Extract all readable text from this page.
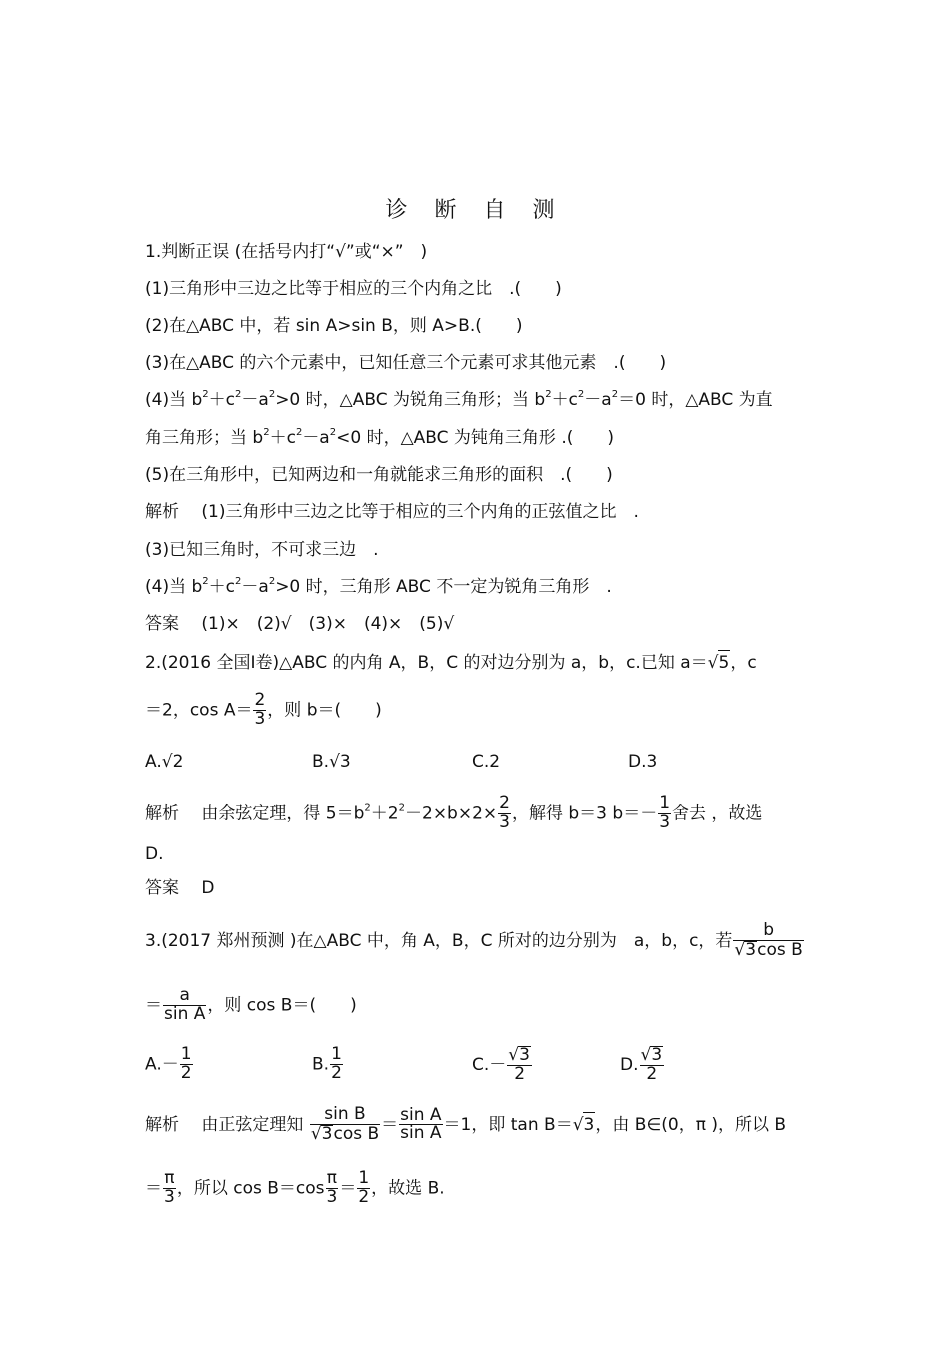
诊 断 自 测
1.判断正误 (在括号内打“√”或“×”　)
(1)三角形中三边之比等于相应的三个内角之比　.(　　)
(2)在△ABC 中，若 sin A>sin B，则 A>B.(　　)
(3)在△ABC 的六个元素中，已知任意三个元素可求其他元素　.(　　)
(4)当 $b^2+c^2-a^2>0$ 时，△ABC 为锐角三角形；当 $b^2+c^2-a^2=0$ 时，△ABC 为直
角三角形；当 $b^2+c^2-a^2<0$ 时，△ABC 为钝角三角形 .(　　)
(5)在三角形中，已知两边和一角就能求三角形的面积　.(　　)
解析　 (1)三角形中三边之比等于相应的三个内角的正弦值之比　.
(3)已知三角时，不可求三边　.
(4)当 $b^2+c^2-a^2>0$ 时，三角形 ABC 不一定为锐角三角形　.
答案　 (1)×　(2)√　(3)×　(4)×　(5)√
2.(2016 全国Ⅰ卷)△ABC 的内角 A，B，C 的对边分别为 a，b，c.已知 a＝√5，c
＝2，$\cos A= \frac{2}{3}$ ，则 b＝(　　)
A.√2	B.√3	C.2	D.3
解析　 由余弦定理，得 $5=b^2+2^2-2\times b\times 2\times \frac{2}{3}$ ，解得 b＝3 $b=- \frac{1}{3}$ 舍去 ，故选
D.
答案　 D
3.(2017 郑州预测 )在△ABC 中，角 A，B，C 所对的边分别为　a，b，c，若 $\frac{b}{\text{√3cos B}}$
＝ $\frac{a}{\text{sin A}}$ ，则 cos B＝(　　)
$A.- \frac{1}{2}$	B. $\frac{1}{2}$	$C.- \frac{√3}{2}$	D. $\frac{√3}{2}$
解析　 由正弦定理知 $\frac{\text{sin B}}{\text{√3cos B}} = \frac{\text{sin A}}{\text{sin A}} =1$，即 tan B＝√3，由 B∈(0，π )，所以 B
＝ $\frac{\pi}{3}$ ，所以 $\cos B=\cos \frac{\pi}{3} = \frac{1}{2}$ ，故选 B.
